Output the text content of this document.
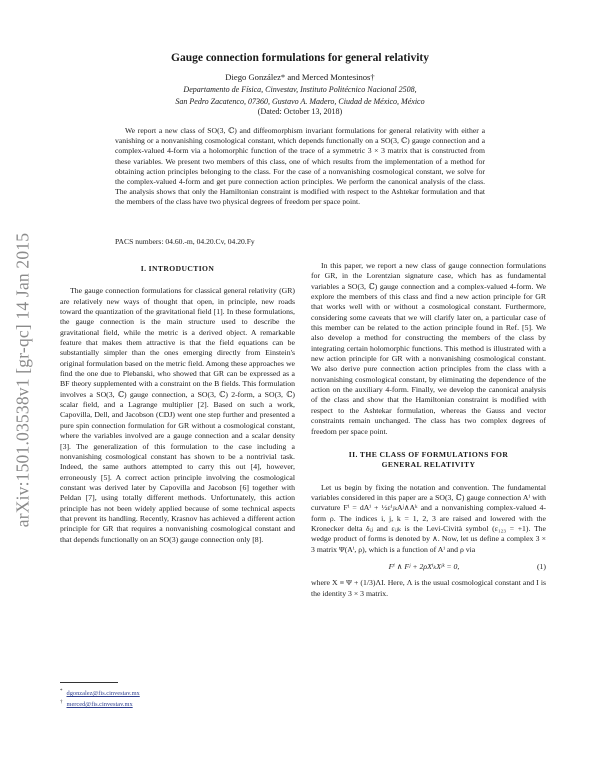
arXiv:1501.03538v1 [gr-qc] 14 Jan 2015
Gauge connection formulations for general relativity
Diego González* and Merced Montesinos†
Departamento de Física, Cinvestav, Instituto Politécnico Nacional 2508,
San Pedro Zacatenco, 07360, Gustavo A. Madero, Ciudad de México, México
(Dated: October 13, 2018)
We report a new class of SO(3, ℂ) and diffeomorphism invariant formulations for general relativity with either a vanishing or a nonvanishing cosmological constant, which depends functionally on a SO(3, ℂ) gauge connection and a complex-valued 4-form via a holomorphic function of the trace of a symmetric 3 × 3 matrix that is constructed from these variables. We present two members of this class, one of which results from the implementation of a method for obtaining action principles belonging to the class. For the case of a nonvanishing cosmological constant, we solve for the complex-valued 4-form and get pure connection action principles. We perform the canonical analysis of the class. The analysis shows that only the Hamiltonian constraint is modified with respect to the Ashtekar formulation and that the members of the class have two physical degrees of freedom per space point.
PACS numbers: 04.60.-m, 04.20.Cv, 04.20.Fy
I. INTRODUCTION

The gauge connection formulations for classical general relativity (GR) are relatively new ways of thought that open, in principle, new roads toward the quantization of the gravitational field [1]. In these formulations, the gauge connection is the main structure used to describe the gravitational field, while the metric is a derived object. A remarkable feature that makes them attractive is that the field equations can be substantially simpler than the ones emerging directly from Einstein's original formulation based on the metric field. Among these approaches we find the one due to Plebanski, who showed that GR can be expressed as a BF theory supplemented with a constraint on the B fields. This formulation involves a SO(3, ℂ) gauge connection, a SO(3, ℂ) 2-form, a SO(3, ℂ) scalar field, and a Lagrange multiplier [2]. Based on such a work, Capovilla, Dell, and Jacobson (CDJ) went one step further and presented a pure spin connection formulation for GR without a cosmological constant, where the variables involved are a gauge connection and a scalar density [3]. The generalization of this formulation to the case including a nonvanishing cosmological constant has shown to be a nontrivial task. Indeed, the same authors attempted to carry this out [4], however, erroneously [5]. A correct action principle involving the cosmological constant was derived later by Capovilla and Jacobson [6] together with Peldan [7], using totally different methods. Unfortunately, this action principle has not been widely applied because of some technical aspects that prevent its handling. Recently, Krasnov has achieved a different action principle for GR that requires a nonvanishing cosmological constant and that depends functionally on an SO(3) gauge connection only [8].

In this paper, we report a new class of gauge connection formulations for GR, in the Lorentzian signature case, which has as fundamental variables a SO(3, ℂ) gauge connection and a complex-valued 4-form. We explore the members of this class and find a new action principle for GR that works well with or without a cosmological constant. Furthermore, considering some caveats that we will clarify later on, a particular case of this member can be related to the action principle found in Ref. [5]. We also develop a method for constructing the members of the class by integrating certain holomorphic functions. This method is illustrated with a new action principle for GR with a nonvanishing cosmological constant. We also derive pure connection action principles from the class with a nonvanishing cosmological constant, by eliminating the dependence of the action on the auxiliary 4-form. Finally, we develop the canonical analysis of the class and show that the Hamiltonian constraint is modified with respect to the Ashtekar formulation, whereas the Gauss and vector constraints remain unchanged. The class has two complex degrees of freedom per space point.

II. THE CLASS OF FORMULATIONS FOR
GENERAL RELATIVITY

Let us begin by fixing the notation and convention. The fundamental variables considered in this paper are a SO(3, ℂ) gauge connection Aⁱ with curvature Fⁱ = dAⁱ + ½εⁱⱼₖAʲ∧Aᵏ and a nonvanishing complex-valued 4-form ρ. The indices i, j, k = 1, 2, 3 are raised and lowered with the Kronecker delta δᵢⱼ and εᵢⱼₖ is the Levi-Cività symbol (ε₁₂₃ = +1). The wedge product of forms is denoted by ∧. Now, let us define a complex 3 × 3 matrix Ψ(Aⁱ, ρ), which is a function of Aⁱ and ρ via

Fⁱ ∧ Fʲ + 2ρXⁱₖXʲᵏ = 0,	(1)

where X ≡ Ψ + (1/3)ΛI. Here, Λ is the usual cosmological constant and I is the identity 3 × 3 matrix.

* dgonzalez@fis.cinvestav.mx
† merced@fis.cinvestav.mx
